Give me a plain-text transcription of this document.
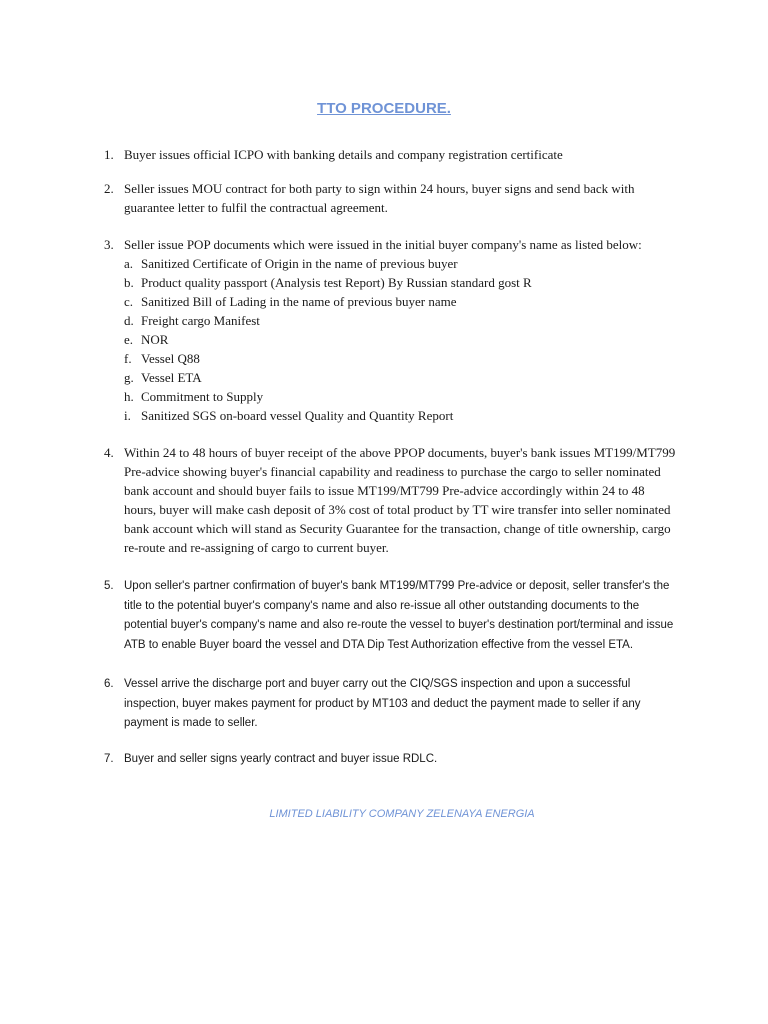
TTO PROCEDURE.
1. Buyer issues official ICPO with banking details and company registration certificate
2. Seller issues MOU contract for both party to sign within 24 hours, buyer signs and send back with guarantee letter to fulfil the contractual agreement.
3. Seller issue POP documents which were issued in the initial buyer company's name as listed below:
a. Sanitized Certificate of Origin in the name of previous buyer
b. Product quality passport (Analysis test Report) By Russian standard gost R
c. Sanitized Bill of Lading in the name of previous buyer name
d. Freight cargo Manifest
e. NOR
f. Vessel Q88
g. Vessel ETA
h. Commitment to Supply
i. Sanitized SGS on-board vessel Quality and Quantity Report
4. Within 24 to 48 hours of buyer receipt of the above PPOP documents, buyer's bank issues MT199/MT799 Pre-advice showing buyer's financial capability and readiness to purchase the cargo to seller nominated bank account and should buyer fails to issue MT199/MT799 Pre-advice accordingly within 24 to 48 hours, buyer will make cash deposit of 3% cost of total product by TT wire transfer into seller nominated bank account which will stand as Security Guarantee for the transaction, change of title ownership, cargo re-route and re-assigning of cargo to current buyer.
5. Upon seller's partner confirmation of buyer's bank MT199/MT799 Pre-advice or deposit, seller transfer's the title to the potential buyer's company's name and also re-issue all other outstanding documents to the potential buyer's company's name and also re-route the vessel to buyer's destination port/terminal and issue ATB to enable Buyer board the vessel and DTA Dip Test Authorization effective from the vessel ETA.
6. Vessel arrive the discharge port and buyer carry out the CIQ/SGS inspection and upon a successful inspection, buyer makes payment for product by MT103 and deduct the payment made to seller if any payment is made to seller.
7. Buyer and seller signs yearly contract and buyer issue RDLC.
LIMITED LIABILITY COMPANY ZELENAYA ENERGIA
